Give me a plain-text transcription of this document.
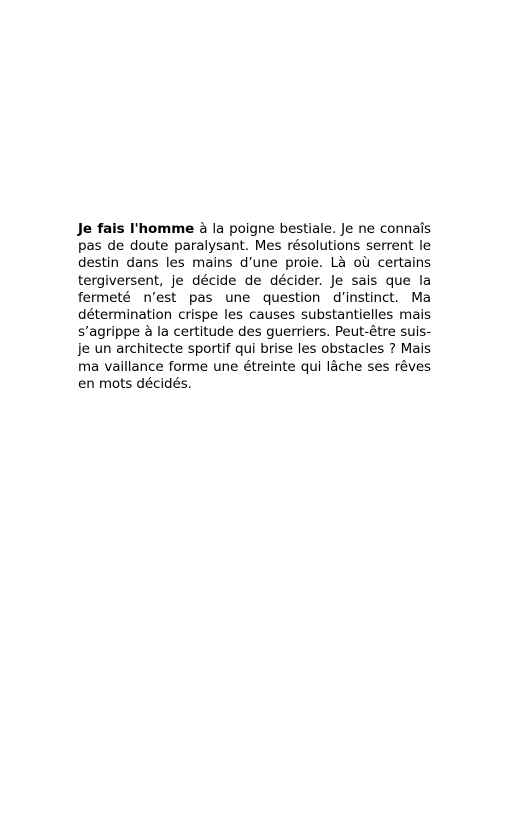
Je fais l'homme à la poigne bestiale. Je ne connaîs pas de doute paralysant. Mes résolutions serrent le destin dans les mains d’une proie. Là où certains tergiversent, je décide de décider. Je sais que la fermeté n’est pas une question d’instinct. Ma détermination crispe les causes substantielles mais s’agrippe à la certitude des guerriers. Peut-être suis-je un architecte sportif qui brise les obstacles ? Mais ma vaillance forme une étreinte qui lâche ses rêves en mots décidés.
